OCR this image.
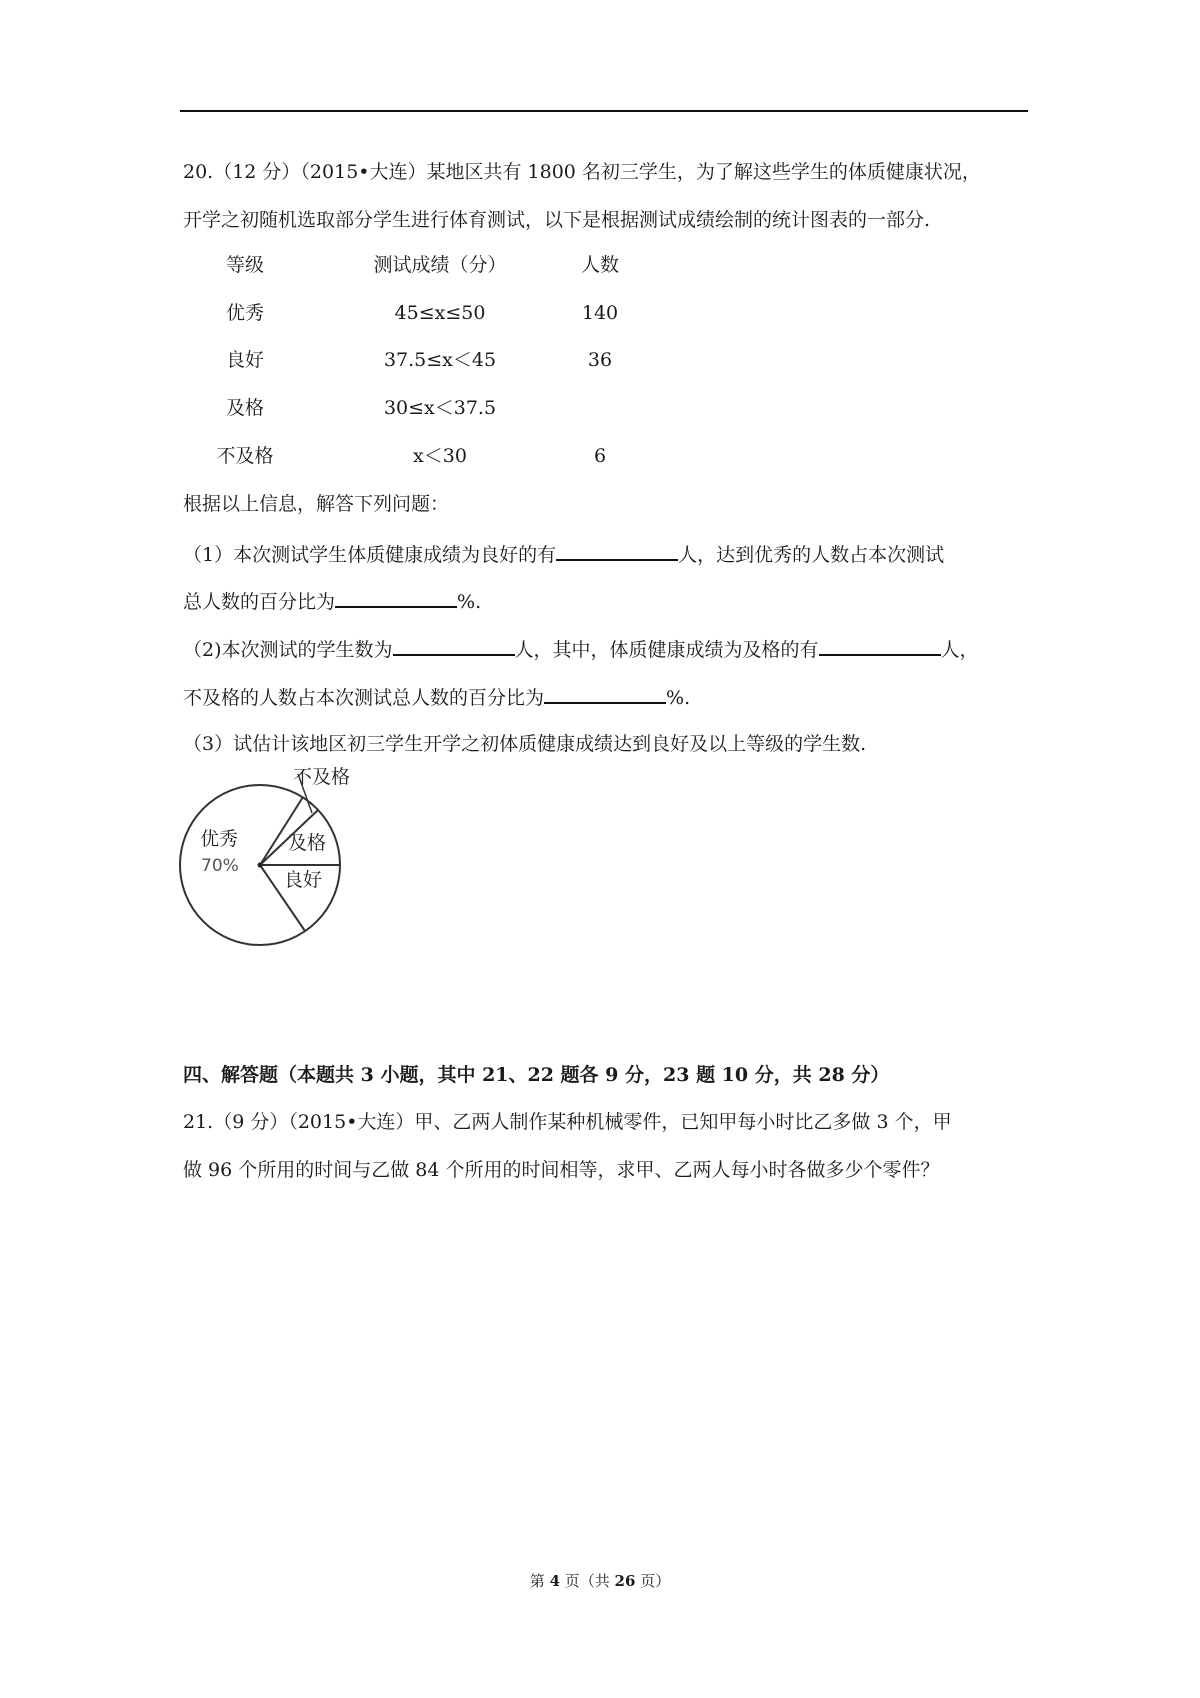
20.（12 分）（2015•大连）某地区共有 1800 名初三学生，为了解这些学生的体质健康状况，
开学之初随机选取部分学生进行体育测试，以下是根据测试成绩绘制的统计图表的一部分.
等级	测试成绩（分）	人数
优秀	45≤x≤50	140
良好	37.5≤x＜45	36
及格	30≤x＜37.5
不及格	x＜30	6
根据以上信息，解答下列问题：
（1）本次测试学生体质健康成绩为良好的有	人，达到优秀的人数占本次测试
总人数的百分比为	%.
（2)本次测试的学生数为	人，其中，体质健康成绩为及格的有	人，
不及格的人数占本次测试总人数的百分比为	%.
（3）试估计该地区初三学生开学之初体质健康成绩达到良好及以上等级的学生数.
不及格
及格
良好
优秀
70%
四、解答题（本题共 3 小题，其中 21、22 题各 9 分，23 题 10 分，共 28 分）
21.（9 分）（2015•大连）甲、乙两人制作某种机械零件，已知甲每小时比乙多做 3 个，甲
做 96 个所用的时间与乙做 84 个所用的时间相等，求甲、乙两人每小时各做多少个零件？
第 4 页（共 26 页）
